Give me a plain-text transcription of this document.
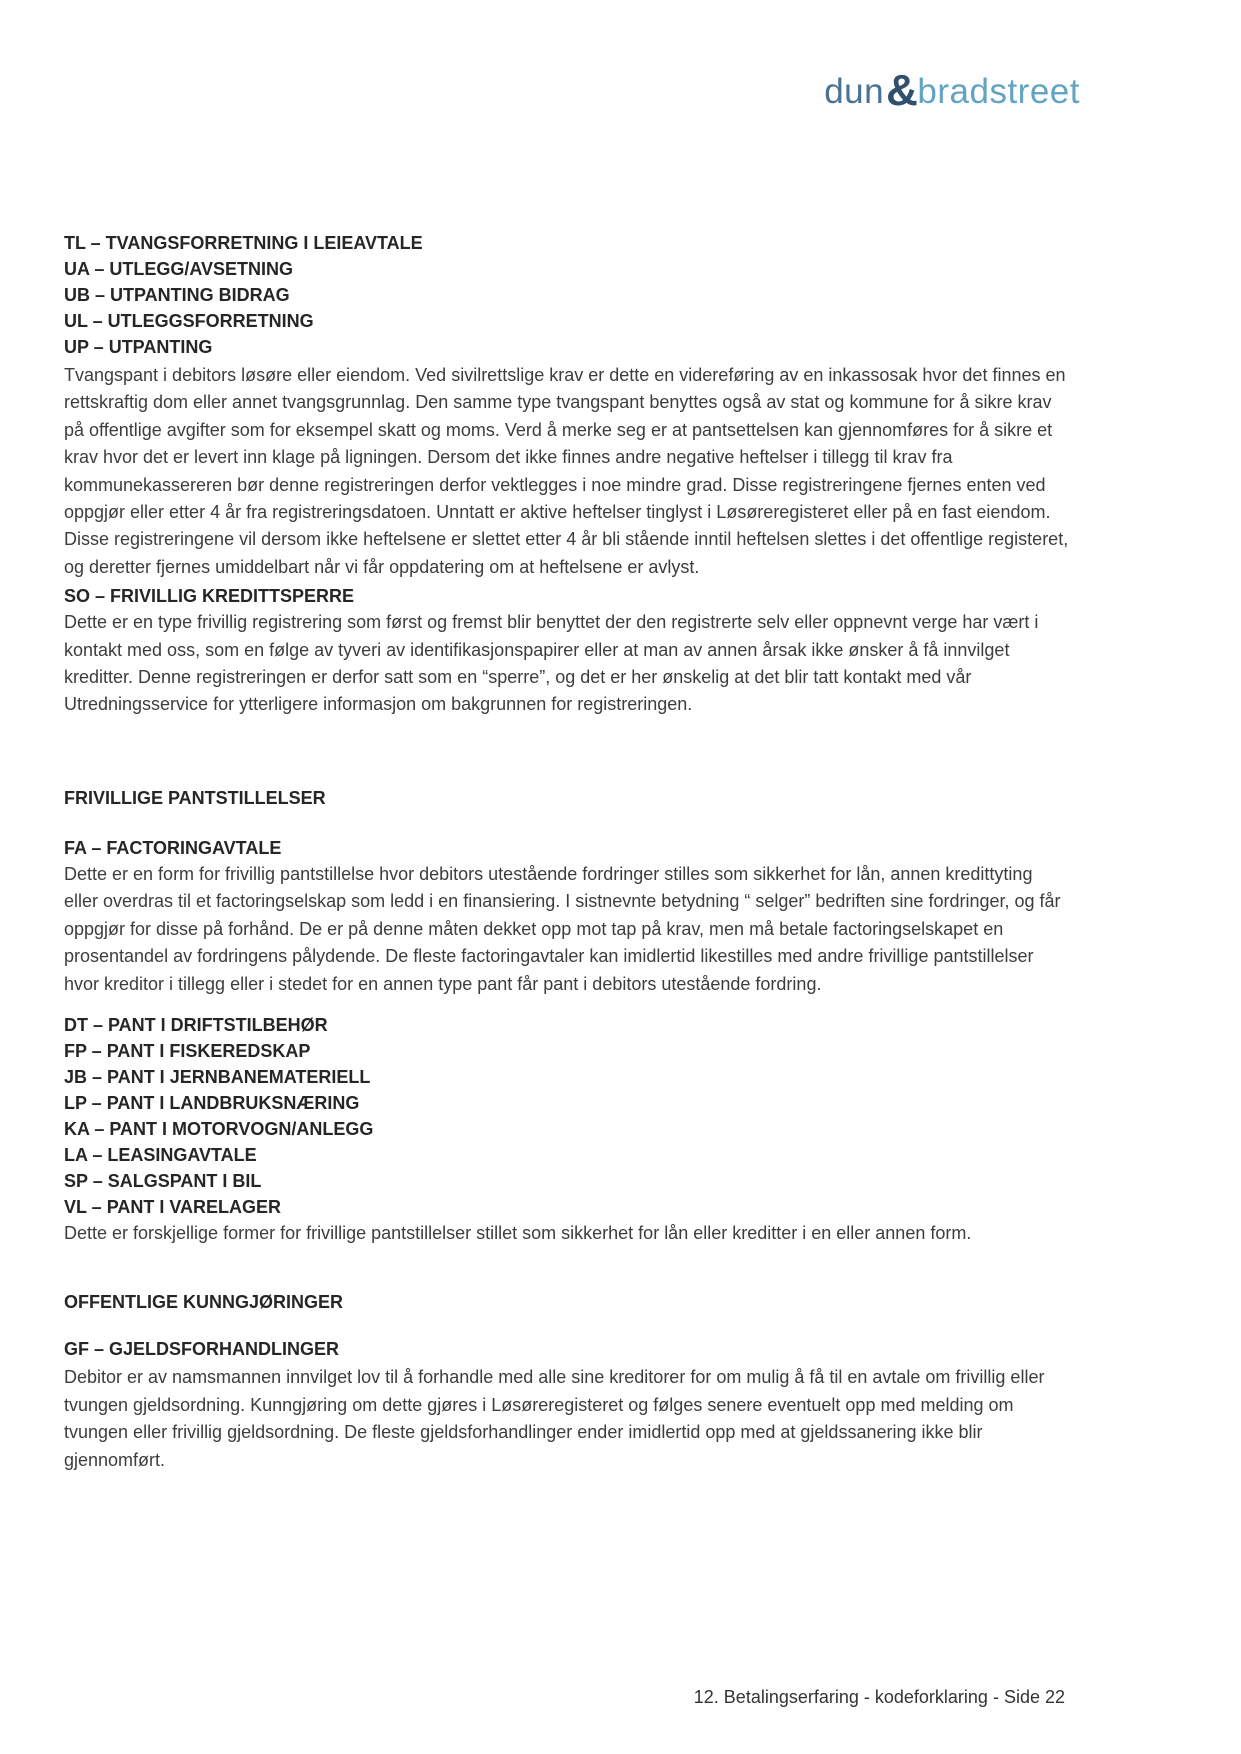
dun & bradstreet
TL – TVANGSFORRETNING I LEIEAVTALE
UA – UTLEGG/AVSETNING
UB – UTPANTING BIDRAG
UL – UTLEGGSFORRETNING
UP – UTPANTING
Tvangspant i debitors løsøre eller eiendom. Ved sivilrettslige krav er dette en videreføring av en inkassosak hvor det finnes en rettskraftig dom eller annet tvangsgrunnlag. Den samme type tvangspant benyttes også av stat og kommune for å sikre krav på offentlige avgifter som for eksempel skatt og moms. Verd å merke seg er at pantsettelsen kan gjennomføres for å sikre et krav hvor det er levert inn klage på ligningen. Dersom det ikke finnes andre negative heftelser i tillegg til krav fra kommunekassereren bør denne registreringen derfor vektlegges i noe mindre grad. Disse registreringene fjernes enten ved oppgjør eller etter 4 år fra registreringsdatoen. Unntatt er aktive heftelser tinglyst i Løsøreregisteret eller på en fast eiendom. Disse registreringene vil dersom ikke heftelsene er slettet etter 4 år bli stående inntil heftelsen slettes i det offentlige registeret, og deretter fjernes umiddelbart når vi får oppdatering om at heftelsene er avlyst.
SO – FRIVILLIG KREDITTSPERRE
Dette er en type frivillig registrering som først og fremst blir benyttet der den registrerte selv eller oppnevnt verge har vært i kontakt med oss, som en følge av tyveri av identifikasjonspapirer eller at man av annen årsak ikke ønsker å få innvilget kreditter. Denne registreringen er derfor satt som en “sperre”, og det er her ønskelig at det blir tatt kontakt med vår Utredningsservice for ytterligere informasjon om bakgrunnen for registreringen.
FRIVILLIGE PANTSTILLELSER
FA – FACTORINGAVTALE
Dette er en form for frivillig pantstillelse hvor debitors utestående fordringer stilles som sikkerhet for lån, annen kredittyting eller overdras til et factoringselskap som ledd i en finansiering. I sistnevnte betydning “ selger” bedriften sine fordringer, og får oppgjør for disse på forhånd. De er på denne måten dekket opp mot tap på krav, men må betale factoringselskapet en prosentandel av fordringens pålydende. De fleste factoringavtaler kan imidlertid likestilles med andre frivillige pantstillelser hvor kreditor i tillegg eller i stedet for en annen type pant får pant i debitors utestående fordring.
DT – PANT I DRIFTSTILBEHØR
FP – PANT I FISKEREDSKAP
JB – PANT I JERNBANEMATERIELL
LP – PANT I LANDBRUKSNÆRING
KA – PANT I MOTORVOGN/ANLEGG
LA – LEASINGAVTALE
SP – SALGSPANT I BIL
VL – PANT I VARELAGER
Dette er forskjellige former for frivillige pantstillelser stillet som sikkerhet for lån eller kreditter i en eller annen form.
OFFENTLIGE KUNNGJØRINGER
GF – GJELDSFORHANDLINGER
Debitor er av namsmannen innvilget lov til å forhandle med alle sine kreditorer for om mulig å få til en avtale om frivillig eller tvungen gjeldsordning. Kunngjøring om dette gjøres i Løsøreregisteret og følges senere eventuelt opp med melding om tvungen eller frivillig gjeldsordning. De fleste gjeldsforhandlinger ender imidlertid opp med at gjeldssanering ikke blir gjennomført.
12. Betalingserfaring - kodeforklaring - Side 22
